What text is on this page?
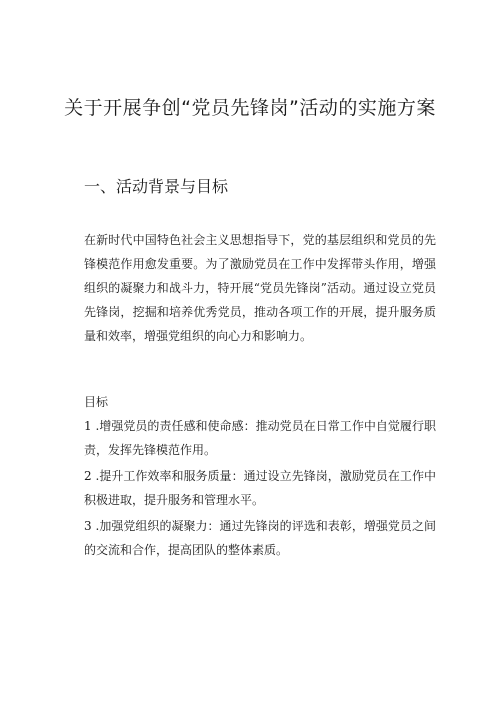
关于开展争创“党员先锋岗”活动的实施方案
一、活动背景与目标
在新时代中国特色社会主义思想指导下，党的基层组织和党员的先锋模范作用愈发重要。为了激励党员在工作中发挥带头作用，增强组织的凝聚力和战斗力，特开展“党员先锋岗”活动。通过设立党员先锋岗，挖掘和培养优秀党员，推动各项工作的开展，提升服务质量和效率，增强党组织的向心力和影响力。
目标
1 .增强党员的责任感和使命感：推动党员在日常工作中自觉履行职责，发挥先锋模范作用。
2 .提升工作效率和服务质量：通过设立先锋岗，激励党员在工作中积极进取，提升服务和管理水平。
3 .加强党组织的凝聚力：通过先锋岗的评选和表彰，增强党员之间的交流和合作，提高团队的整体素质。
